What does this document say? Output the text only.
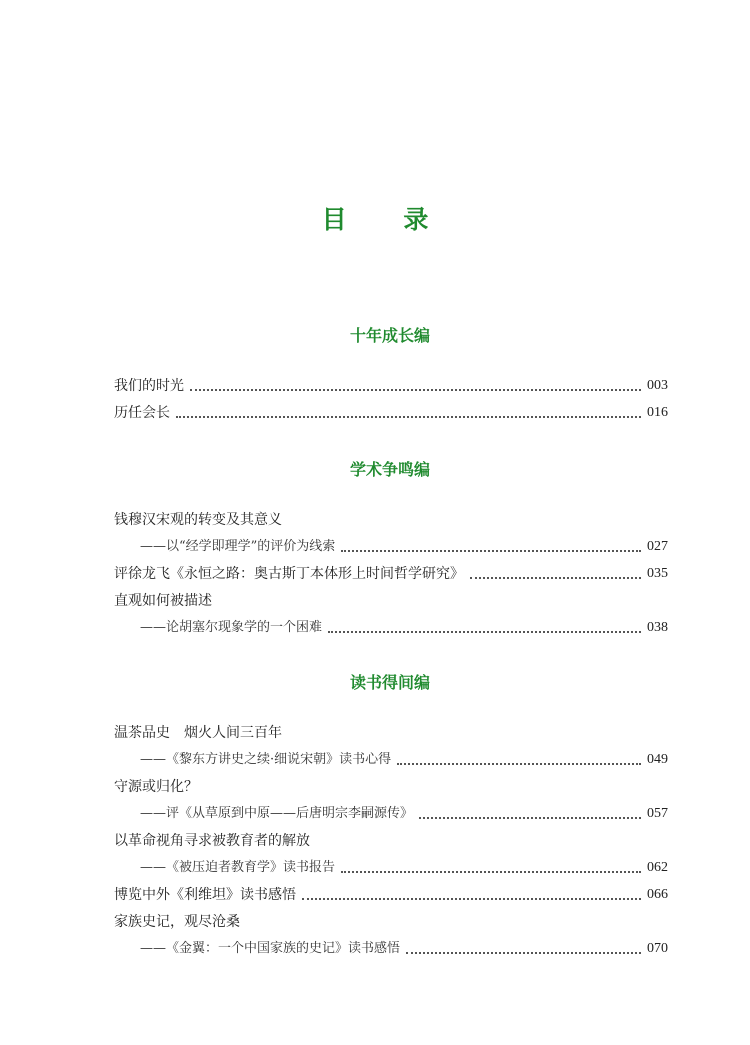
目 录
十年成长编
我们的时光	003
历任会长	016
学术争鸣编
钱穆汉宋观的转变及其意义
——以“经学即理学”的评价为线索	027
评徐龙飞《永恒之路：奥古斯丁本体形上时间哲学研究》	035
直观如何被描述
——论胡塞尔现象学的一个困难	038
读书得间编
温茶品史　烟火人间三百年
——《黎东方讲史之续·细说宋朝》读书心得	049
守源或归化？
——评《从草原到中原——后唐明宗李嗣源传》	057
以革命视角寻求被教育者的解放
——《被压迫者教育学》读书报告	062
博览中外《利维坦》读书感悟	066
家族史记，观尽沧桑
——《金翼：一个中国家族的史记》读书感悟	070
